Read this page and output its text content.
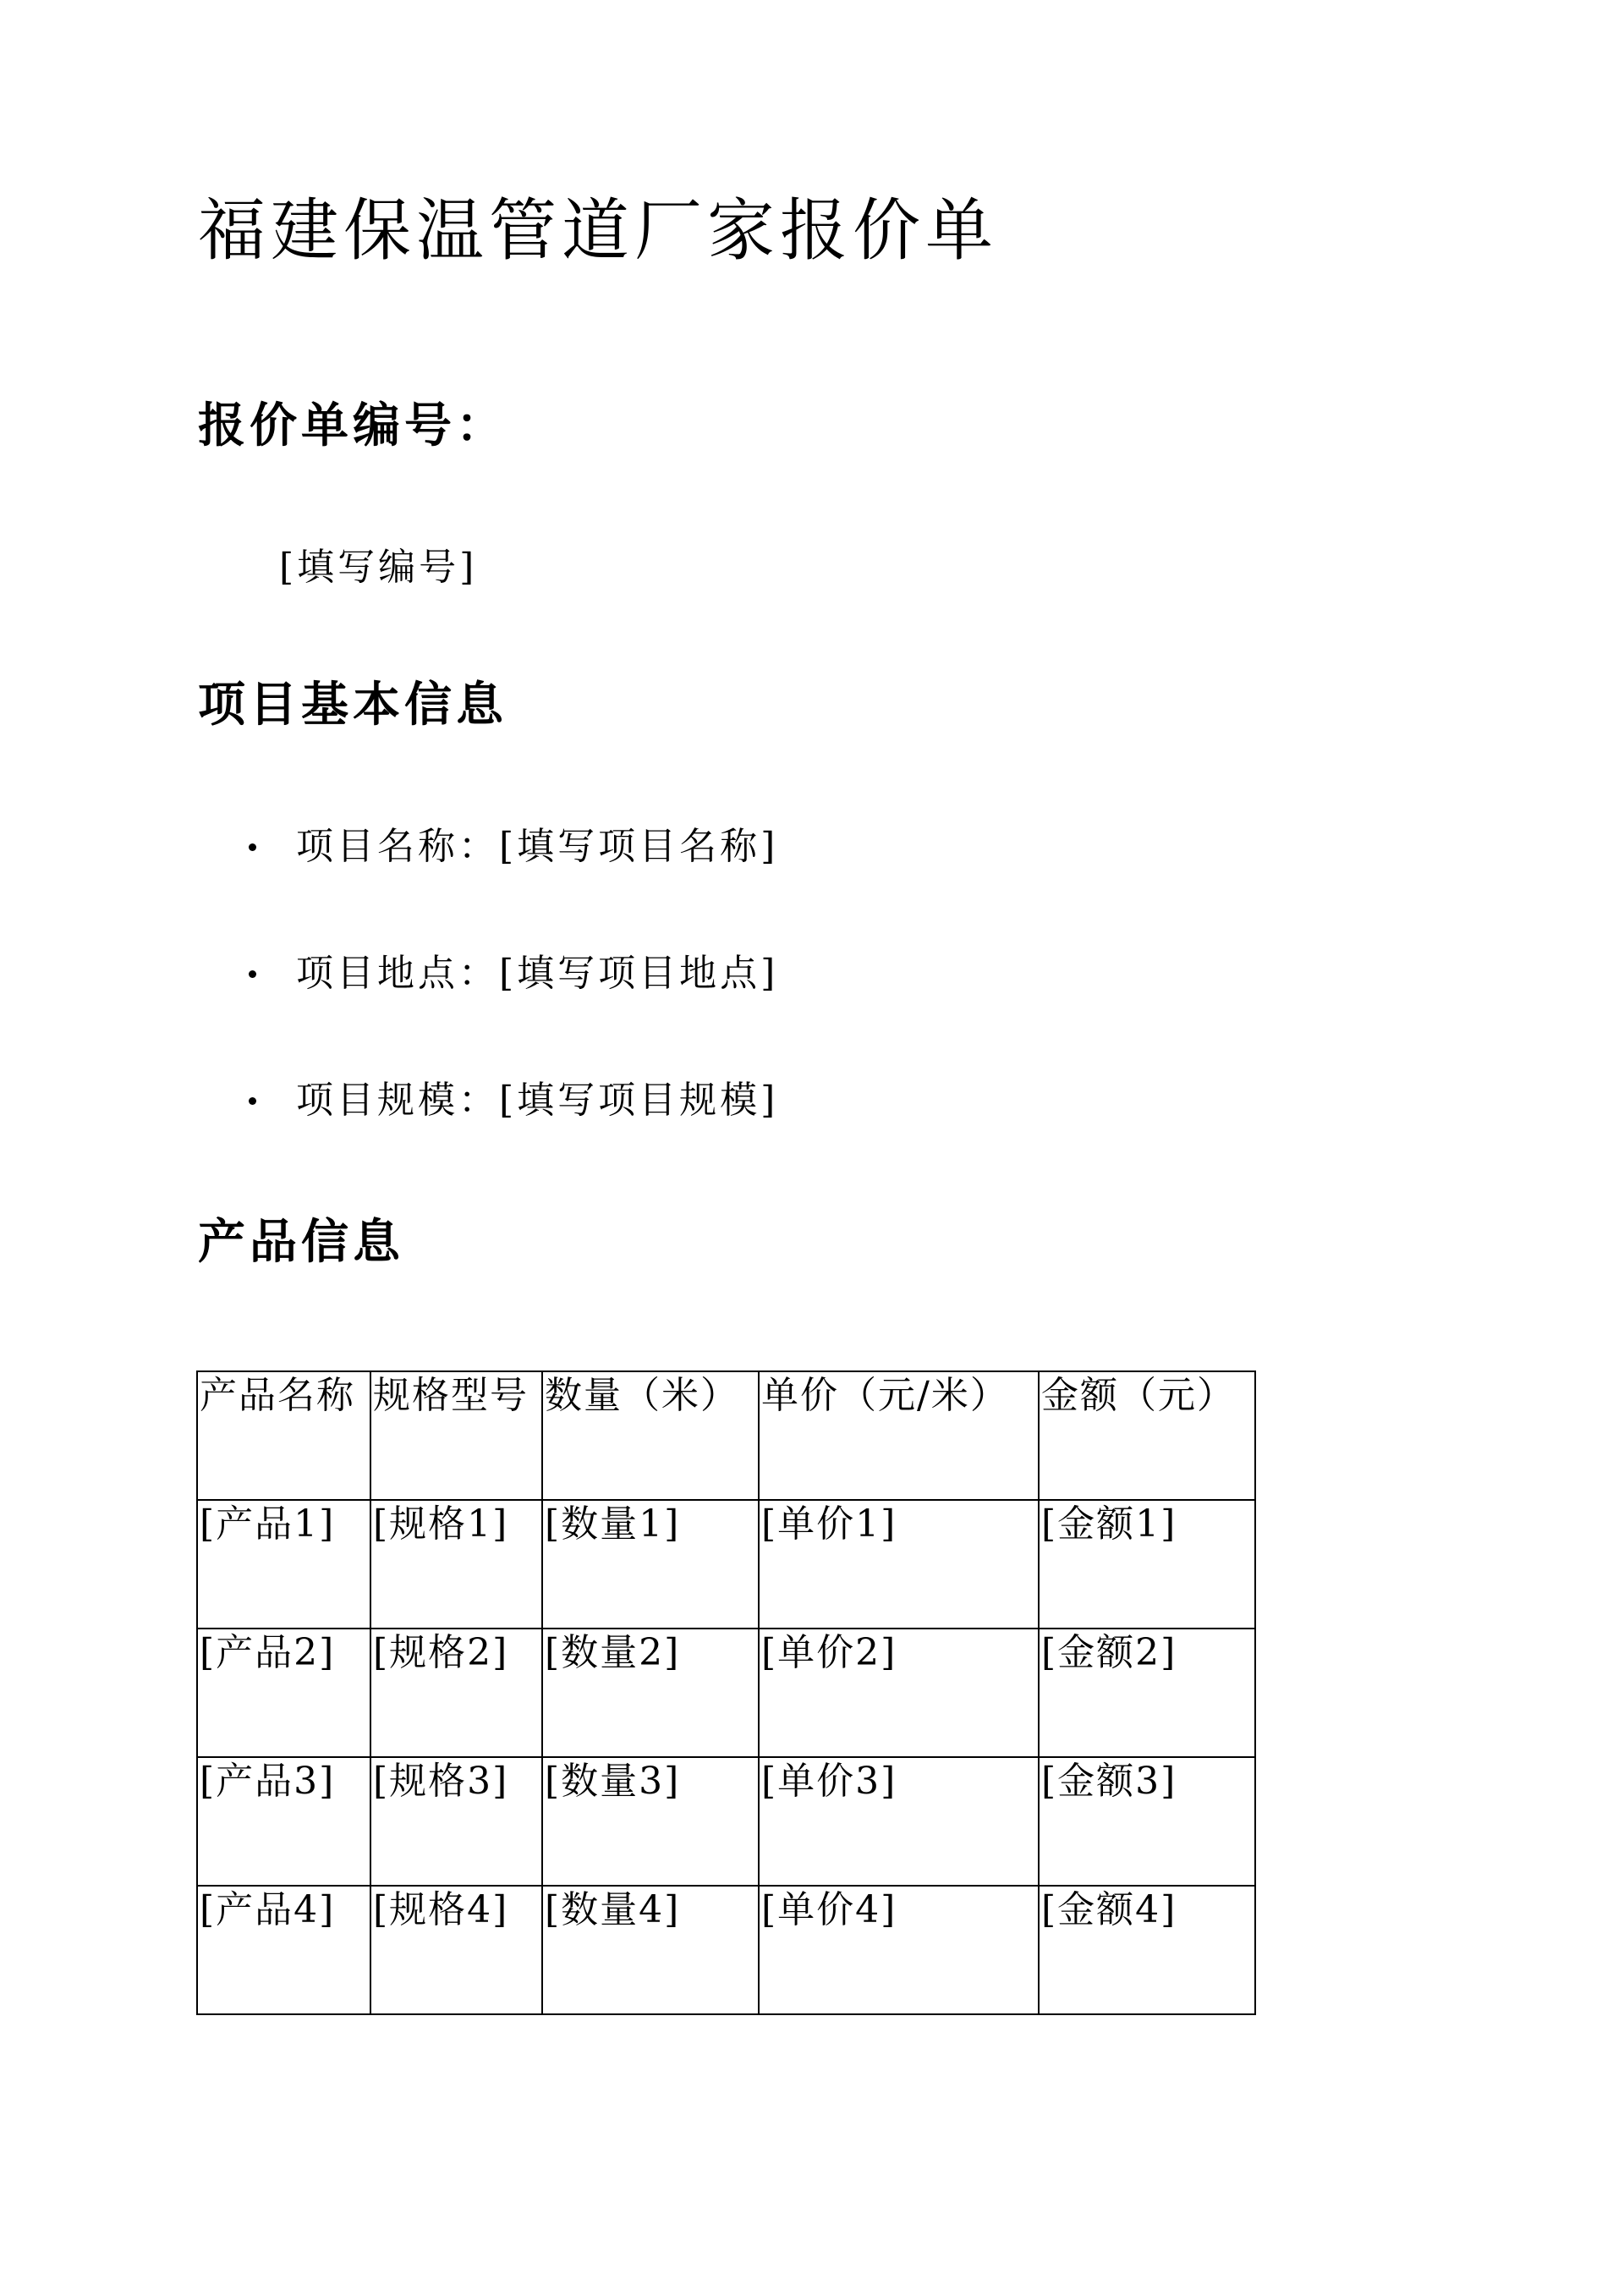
福建保温管道厂家报价单
报价单编号：

[填写编号]

项目基本信息
项目名称：[填写项目名称]
项目地点：[填写项目地点]
项目规模：[填写项目规模]
产品信息
产品名称	规格型号	数量（米）	单价（元/米）	金额（元）
[产品1]	[规格1]	[数量1]	[单价1]	[金额1]
[产品2]	[规格2]	[数量2]	[单价2]	[金额2]
[产品3]	[规格3]	[数量3]	[单价3]	[金额3]
[产品4]	[规格4]	[数量4]	[单价4]	[金额4]
